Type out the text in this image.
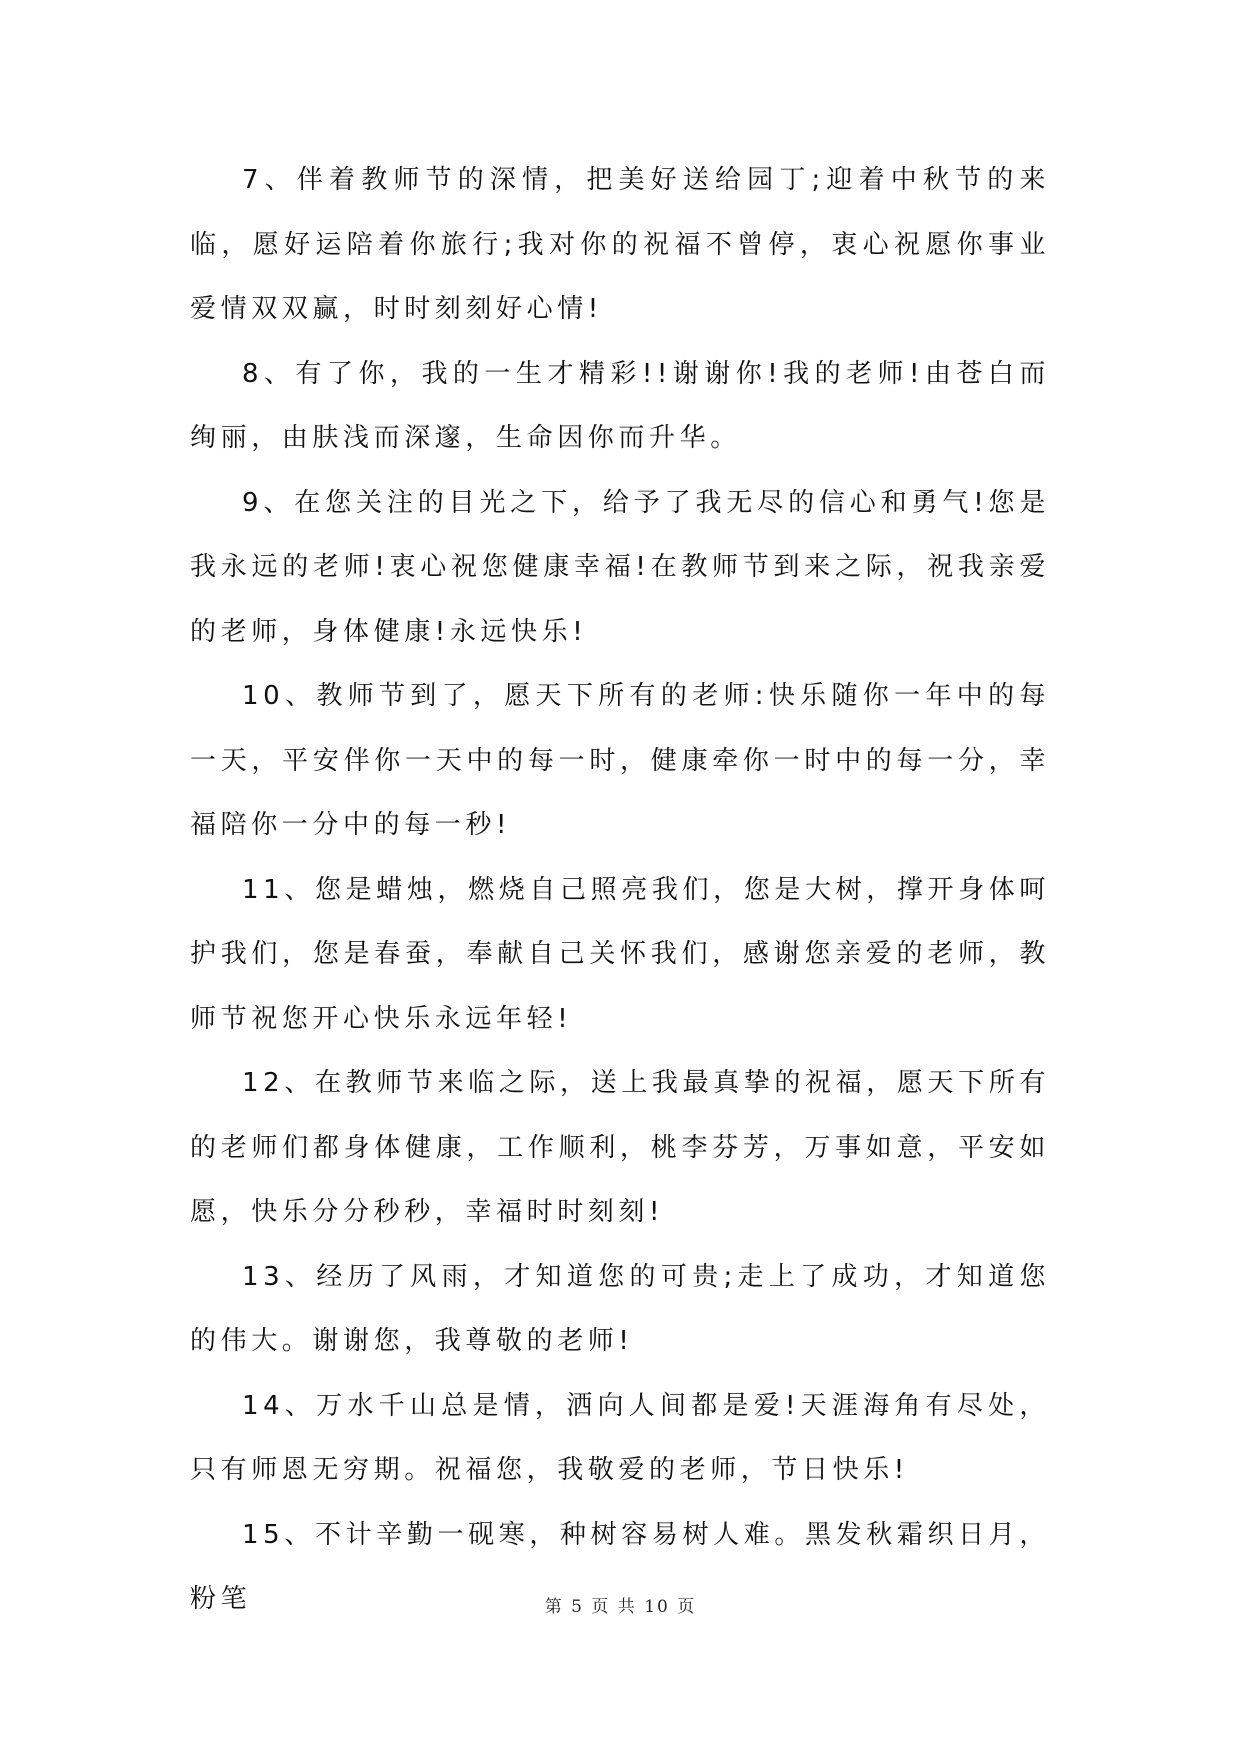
7、伴着教师节的深情，把美好送给园丁;迎着中秋节的来临，愿好运陪着你旅行;我对你的祝福不曾停，衷心祝愿你事业爱情双双赢，时时刻刻好心情!

8、有了你，我的一生才精彩!!谢谢你!我的老师!由苍白而绚丽，由肤浅而深邃，生命因你而升华。

9、在您关注的目光之下，给予了我无尽的信心和勇气!您是我永远的老师!衷心祝您健康幸福!在教师节到来之际，祝我亲爱的老师，身体健康!永远快乐!

10、教师节到了，愿天下所有的老师:快乐随你一年中的每一天，平安伴你一天中的每一时，健康牵你一时中的每一分，幸福陪你一分中的每一秒!

11、您是蜡烛，燃烧自己照亮我们，您是大树，撑开身体呵护我们，您是春蚕，奉献自己关怀我们，感谢您亲爱的老师，教师节祝您开心快乐永远年轻!

12、在教师节来临之际，送上我最真挚的祝福，愿天下所有的老师们都身体健康，工作顺利，桃李芬芳，万事如意，平安如愿，快乐分分秒秒，幸福时时刻刻!

13、经历了风雨，才知道您的可贵;走上了成功，才知道您的伟大。谢谢您，我尊敬的老师!

14、万水千山总是情，洒向人间都是爱!天涯海角有尽处，只有师恩无穷期。祝福您，我敬爱的老师，节日快乐!

15、不计辛勤一砚寒，种树容易树人难。黑发秋霜织日月，粉笔	第 5 页 共 10 页
